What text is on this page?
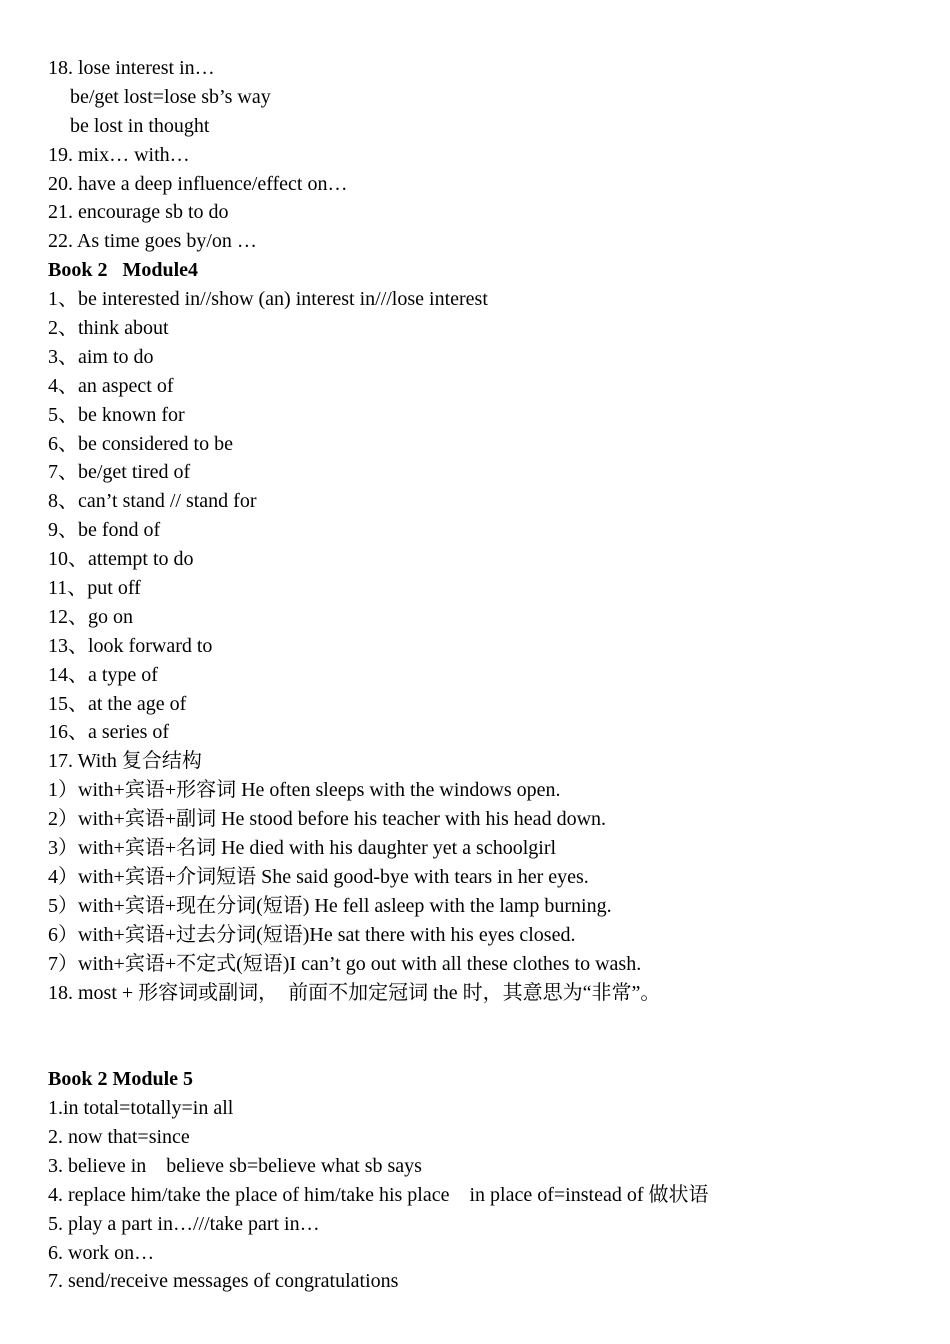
18. lose interest in…
be/get lost=lose sb’s way
be lost in thought
19. mix… with…
20. have a deep influence/effect on…
21. encourage sb to do
22. As time goes by/on …
Book 2   Module4
1、be interested in//show (an) interest in///lose interest
2、think about
3、aim to do
4、an aspect of
5、be known for
6、be considered to be
7、be/get tired of
8、can’t stand // stand for
9、be fond of
10、attempt to do
11、put off
12、go on
13、look forward to
14、a type of
15、at the age of
16、a series of
17. With 复合结构
1）with+宾语+形容词 He often sleeps with the windows open.
2）with+宾语+副词 He stood before his teacher with his head down.
3）with+宾语+名词 He died with his daughter yet a schoolgirl
4）with+宾语+介词短语 She said good-bye with tears in her eyes.
5）with+宾语+现在分词(短语) He fell asleep with the lamp burning.
6）with+宾语+过去分词(短语)He sat there with his eyes closed.
7）with+宾语+不定式(短语)I can’t go out with all these clothes to wash.
18. most + 形容词或副词，  前面不加定冠词 the 时，其意思为“非常”。
Book 2 Module 5
1.in total=totally=in all
2. now that=since
3. believe in    believe sb=believe what sb says
4. replace him/take the place of him/take his place    in place of=instead of 做状语
5. play a part in…///take part in…
6. work on…
7. send/receive messages of congratulations
